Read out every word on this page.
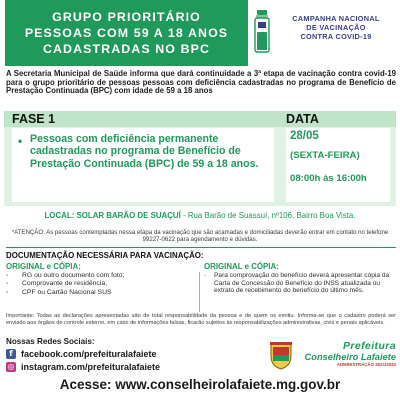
GRUPO PRIORITÁRIO
PESSOAS COM 59 A 18 ANOS
CADASTRADAS NO BPC
CAMPANHA NACIONAL
DE VACINAÇÃO
CONTRA COVID-19
A Secretaria Municipal de Saúde informa que dará continuidade a 3ª etapa de vacinação contra covid-19 para o grupo prioritário de pessoas pessoas com deficiência cadastradas no programa de Benefício de Prestação Continuada (BPC) com idade de 59 a 18 anos
FASE 1	DATA
• Pessoas com deficiência permanente cadastradas no programa de Benefício de Prestação Continuada (BPC) de 59 a 18 anos.
28/05
(SEXTA-FEIRA)
08:00h às 16:00h
LOCAL: SOLAR BARÃO DE SUAÇUÍ - Rua Barão de Suassuí, nº106, Bairro Boa Vista.
*ATENÇÃO: As pessoas contempladas nessa etapa da vacinação que são acamadas e domiciliadas deverão entrar em contato no telefone 99227-0622 para agendamento e dúvidas.
DOCUMENTAÇÃO NECESSÁRIA PARA VACINAÇÃO:
ORIGINAL e CÓPIA:
- RG ou outro documento com foto;
- Comprovante de residência;
- CPF ou Cartão Nacional SUS
ORIGINAL e CÓPIA:
- Para comprovação do benefício deverá apresentar cópia da Carta de Concessão do Benefício do INSS atualizada ou extrato de recebimento do benefício do último mês.
Importante: Todas as declarações apresentadas são de total responsabilidade da pessoa e de quem os emitiu. Informa-se que o cadastro poderá ser enviado aos órgãos de controle externo, em caso de informações falsas, ficarão sujeitos às responsabilizações administrativas, civis e penais aplicáveis.
Nossas Redes Sociais:
f facebook.com/prefeituralafaiete
◎ instagram.com/prefeituralafaiete
Prefeitura
Conselheiro Lafaiete
ADMINISTRAÇÃO 2021/2024
Acesse: www.conselheirolafaiete.mg.gov.br
